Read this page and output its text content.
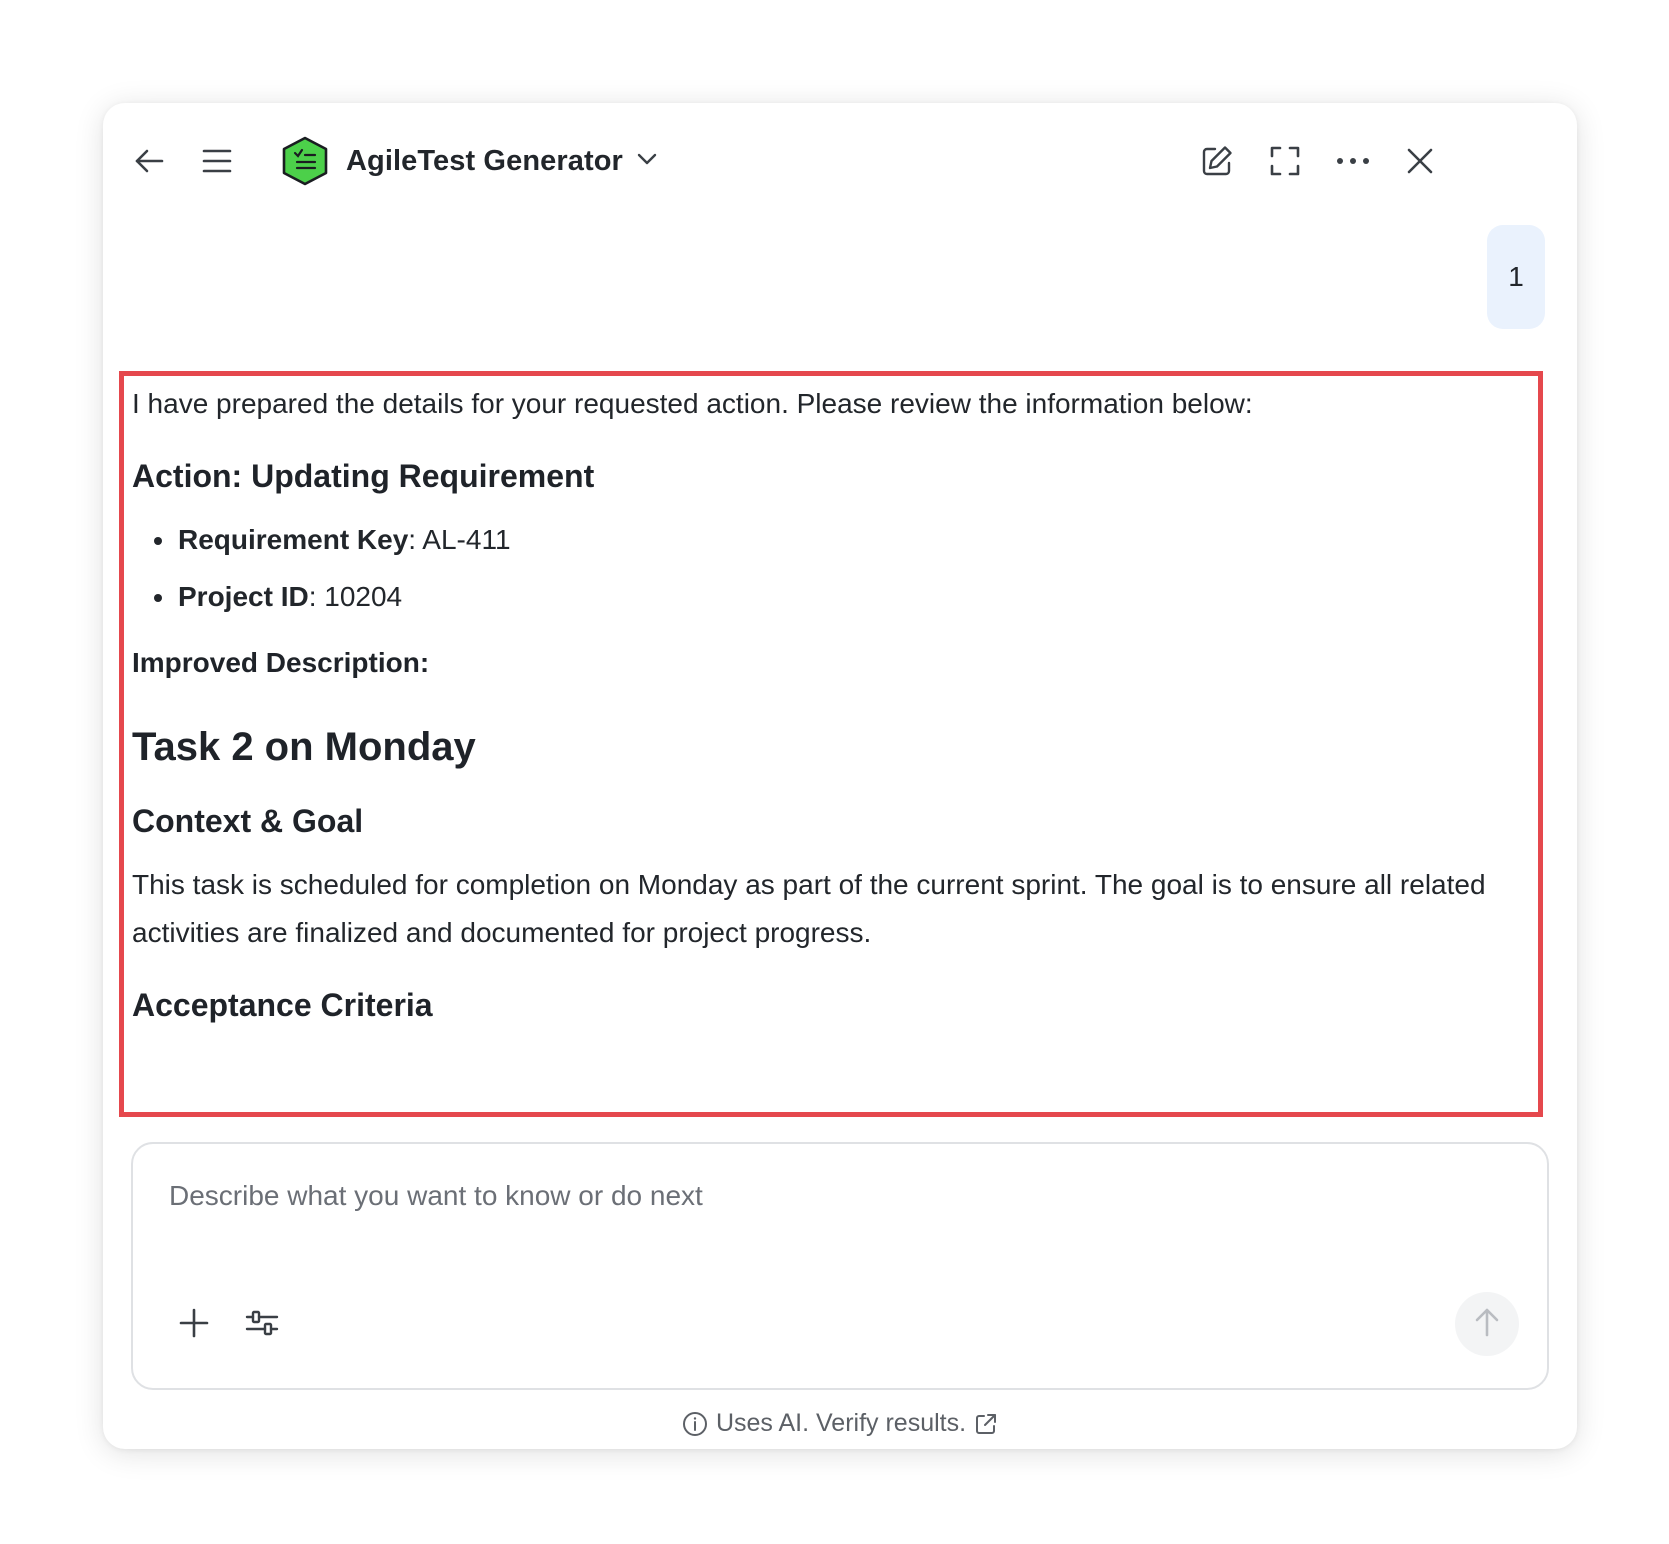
AgileTest Generator
1

I have prepared the details for your requested action. Please review the information below:

Action: Updating Requirement
Requirement Key: AL-411
Project ID: 10204
Improved Description:
Task 2 on Monday
Context & Goal

This task is scheduled for completion on Monday as part of the current sprint. The goal is to ensure all related activities are finalized and documented for project progress.

Acceptance Criteria
Describe what you want to know or do next
Uses AI. Verify results.
